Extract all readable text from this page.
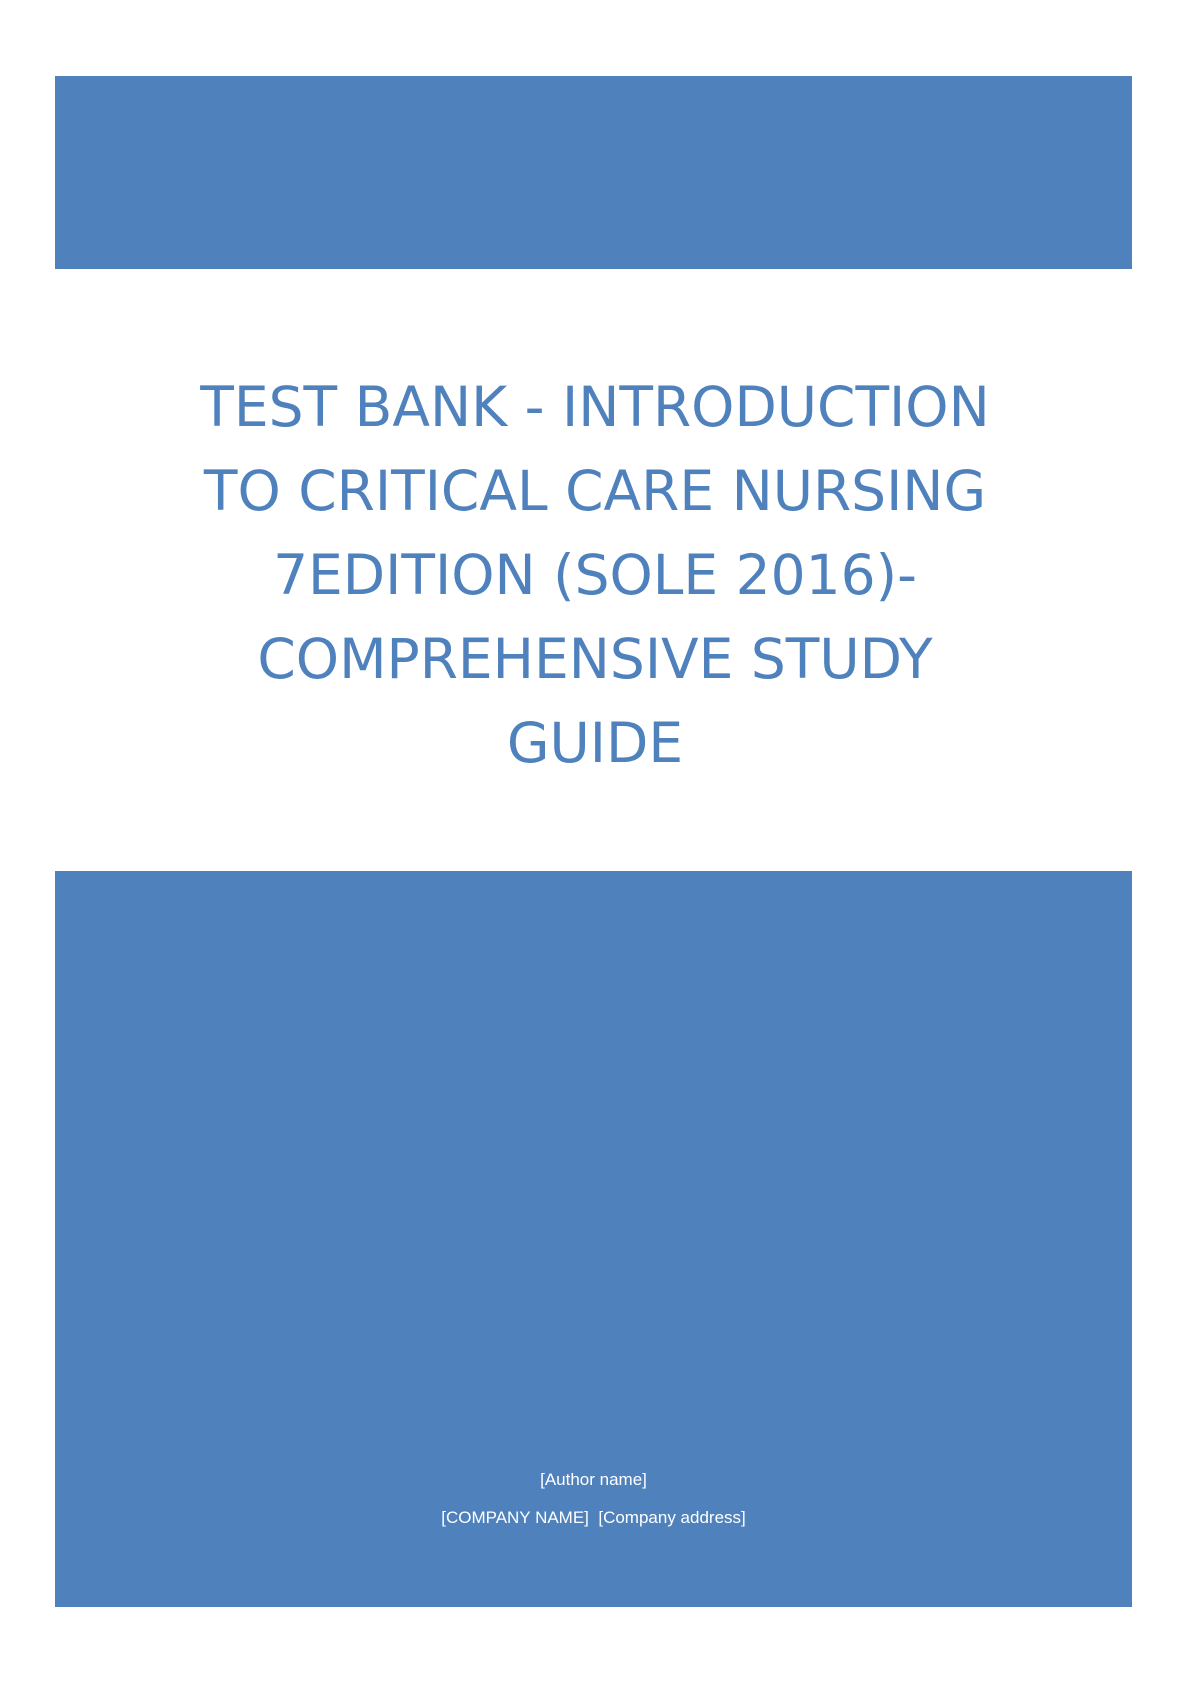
TEST BANK - INTRODUCTION
TO CRITICAL CARE NURSING
7EDITION (SOLE 2016)-
COMPREHENSIVE STUDY
GUIDE
[Author name]
[COMPANY NAME]  [Company address]
